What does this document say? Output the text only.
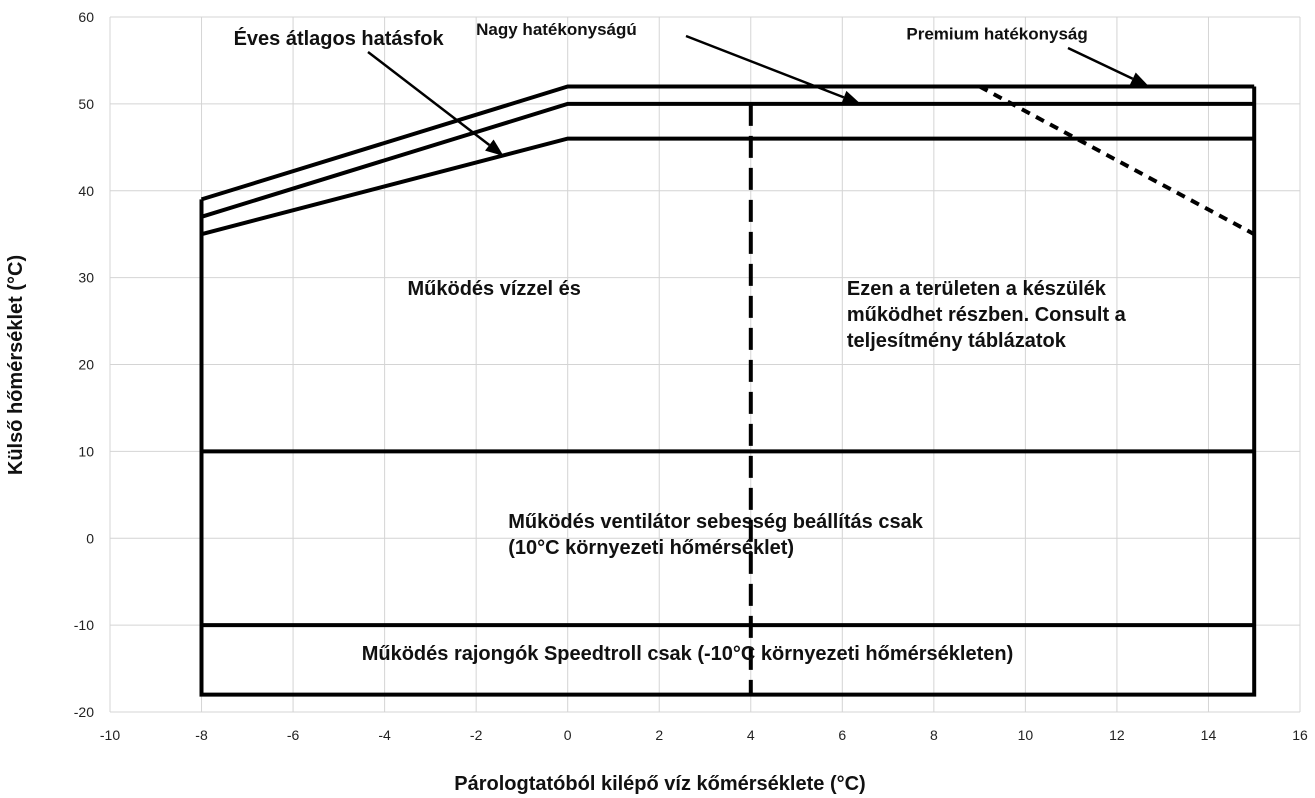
-10	-8	-6	-4	-2	0	2	4	6	8	10	12	14	16
-20
-10
0
10
20
30
40
50
60
Éves átlagos hatásfok Nagy hatékonyságú	Premium hatékonyság
Működés vízzel és	Ezen a területen a készülék
működhet részben. Consult a
teljesítmény táblázatok
Működés ventilátor sebesség beállítás csak
(10°C környezeti hőmérséklet)
Működés rajongók Speedtroll csak (-10°C környezeti hőmérsékleten)
Párologtatóból kilépő víz kőmérséklete (°C)
Külső hőmérséklet (°C)
